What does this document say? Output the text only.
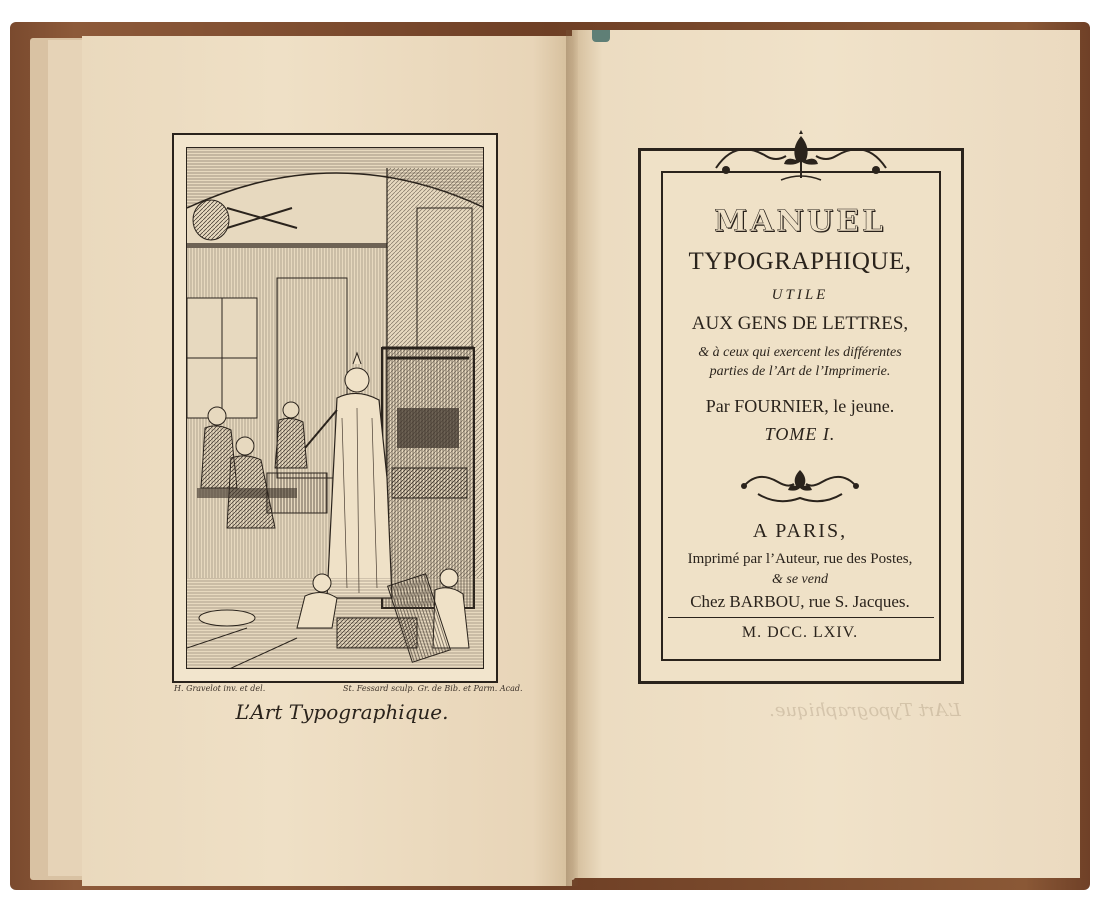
H. Gravelot inv. et del.	St. Fessard sculp. Gr. de Bib. et Parm. Acad.
L’Art Typographique.
MANUEL
TYPOGRAPHIQUE,
UTILE
AUX GENS DE LETTRES,
& à ceux qui exercent les différentes
parties de l’Art de l’Imprimerie.
Par FOURNIER, le jeune.
TOME I.
A PARIS,
Imprimé par l’Auteur, rue des Postes,
& se vend
Chez BARBOU, rue S. Jacques.
M. DCC. LXIV.
L’Art Typographique.
